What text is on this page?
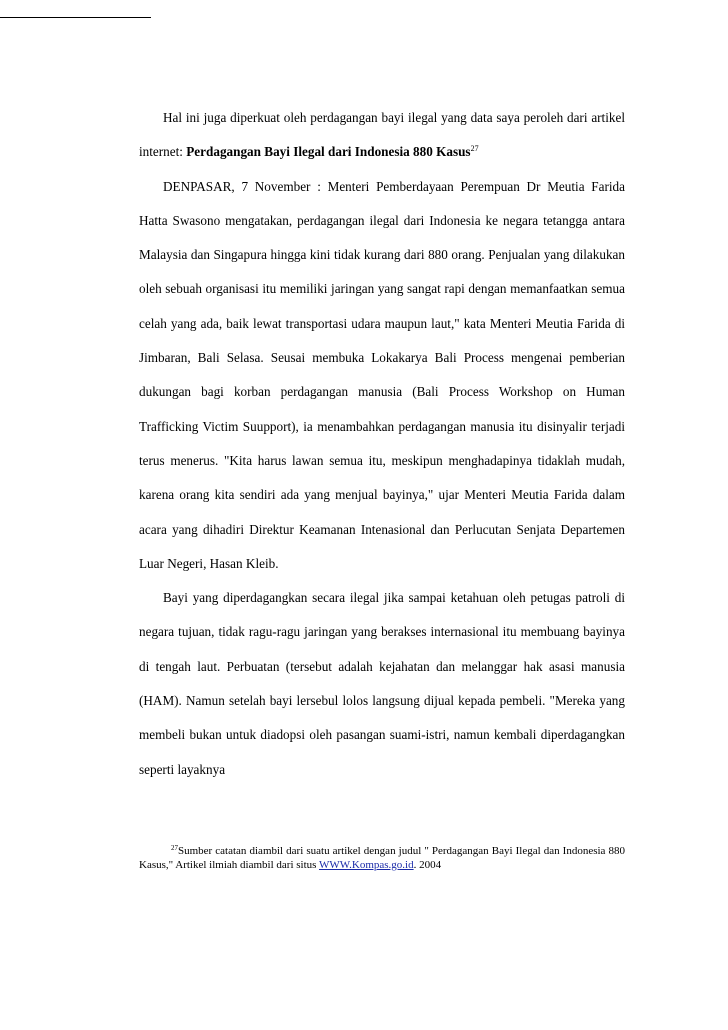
Hal ini juga diperkuat oleh perdagangan bayi ilegal yang data saya peroleh dari artikel internet: Perdagangan Bayi Ilegal dari Indonesia 880 Kasus$^{27}$

DENPASAR, 7 November : Menteri Pemberdayaan Perempuan Dr Meutia Farida Hatta Swasono mengatakan, perdagangan ilegal dari Indonesia ke negara tetangga antara Malaysia dan Singapura hingga kini tidak kurang dari 880 orang. Penjualan yang dilakukan oleh sebuah organisasi itu memiliki jaringan yang sangat rapi dengan memanfaatkan semua celah yang ada, baik lewat transportasi udara maupun laut," kata Menteri Meutia Farida di Jimbaran, Bali Selasa. Seusai membuka Lokakarya Bali Process mengenai pemberian dukungan bagi korban perdagangan manusia (Bali Process Workshop on Human Trafficking Victim Suupport), ia menambahkan perdagangan manusia itu disinyalir terjadi terus menerus. "Kita harus lawan semua itu, meskipun menghadapinya tidaklah mudah, karena orang kita sendiri ada yang menjual bayinya," ujar Menteri Meutia Farida dalam acara yang dihadiri Direktur Keamanan Intenasional dan Perlucutan Senjata Departemen Luar Negeri, Hasan Kleib.

Bayi yang diperdagangkan secara ilegal jika sampai ketahuan oleh petugas patroli di negara tujuan, tidak ragu-ragu jaringan yang berakses internasional itu membuang bayinya di tengah laut. Perbuatan (tersebut adalah kejahatan dan melanggar hak asasi manusia (HAM). Namun setelah bayi lersebul lolos langsung dijual kepada pembeli. "Mereka yang membeli bukan untuk diadopsi oleh pasangan suami-istri, namun kembali diperdagangkan seperti layaknya

$^{27}$Sumber catatan diambil dari suatu artikel dengan judul " Perdagangan Bayi Ilegal dan Indonesia 880 Kasus," Artikel ilmiah diambil dari situs WWW.Kompas.go.id. 2004
